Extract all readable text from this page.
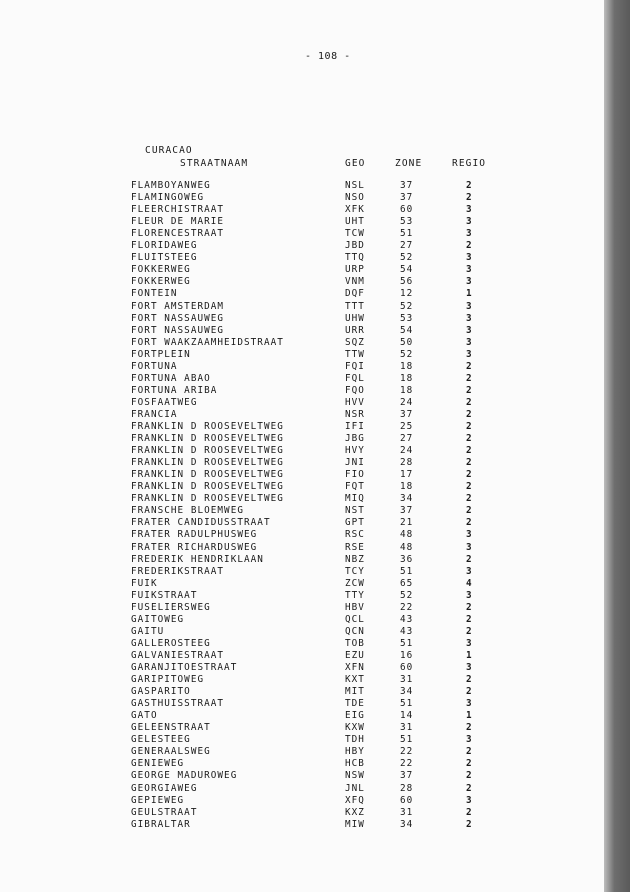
- 108 -
CURACAO
STRAATNAAM	GEO	ZONE	REGIO
FLAMBOYANWEG	NSL	37	2
FLAMINGOWEG	NSO	37	2
FLEERCHISTRAAT	XFK	60	3
FLEUR DE MARIE	UHT	53	3
FLORENCESTRAAT	TCW	51	3
FLORIDAWEG	JBD	27	2
FLUITSTEEG	TTQ	52	3
FOKKERWEG	URP	54	3
FOKKERWEG	VNM	56	3
FONTEIN	DQF	12	1
FORT AMSTERDAM	TTT	52	3
FORT NASSAUWEG	UHW	53	3
FORT NASSAUWEG	URR	54	3
FORT WAAKZAAMHEIDSTRAAT	SQZ	50	3
FORTPLEIN	TTW	52	3
FORTUNA	FQI	18	2
FORTUNA ABAO	FQL	18	2
FORTUNA ARIBA	FQO	18	2
FOSFAATWEG	HVV	24	2
FRANCIA	NSR	37	2
FRANKLIN D ROOSEVELTWEG	IFI	25	2
FRANKLIN D ROOSEVELTWEG	JBG	27	2
FRANKLIN D ROOSEVELTWEG	HVY	24	2
FRANKLIN D ROOSEVELTWEG	JNI	28	2
FRANKLIN D ROOSEVELTWEG	FIO	17	2
FRANKLIN D ROOSEVELTWEG	FQT	18	2
FRANKLIN D ROOSEVELTWEG	MIQ	34	2
FRANSCHE BLOEMWEG	NST	37	2
FRATER CANDIDUSSTRAAT	GPT	21	2
FRATER RADULPHUSWEG	RSC	48	3
FRATER RICHARDUSWEG	RSE	48	3
FREDERIK HENDRIKLAAN	NBZ	36	2
FREDERIKSTRAAT	TCY	51	3
FUIK	ZCW	65	4
FUIKSTRAAT	TTY	52	3
FUSELIERSWEG	HBV	22	2
GAITOWEG	QCL	43	2
GAITU	QCN	43	2
GALLEROSTEEG	TOB	51	3
GALVANIESTRAAT	EZU	16	1
GARANJITOESTRAAT	XFN	60	3
GARIPITOWEG	KXT	31	2
GASPARITO	MIT	34	2
GASTHUISSTRAAT	TDE	51	3
GATO	EIG	14	1
GELEENSTRAAT	KXW	31	2
GELESTEEG	TDH	51	3
GENERAALSWEG	HBY	22	2
GENIEWEG	HCB	22	2
GEORGE MADUROWEG	NSW	37	2
GEORGIAWEG	JNL	28	2
GEPIEWEG	XFQ	60	3
GEULSTRAAT	KXZ	31	2
GIBRALTAR	MIW	34	2
